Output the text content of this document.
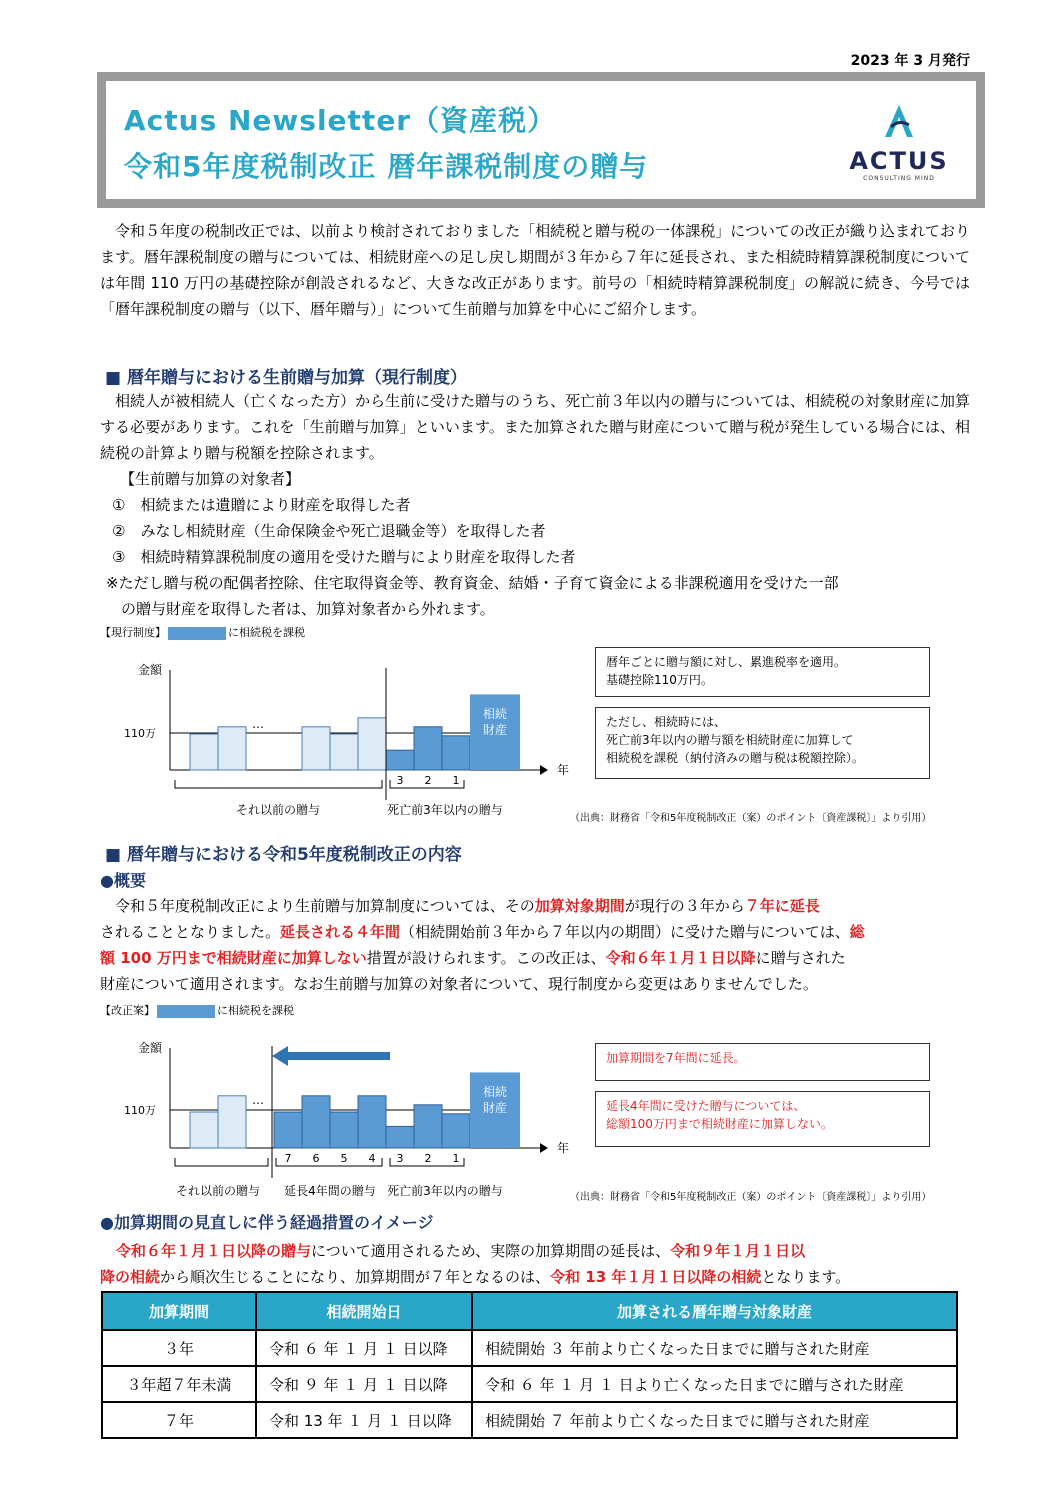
2023 年 3 月発行
Actus Newsletter（資産税）
令和5年度税制改正 暦年課税制度の贈与	ACTUS
CONSULTING MIND
　令和５年度の税制改正では、以前より検討されておりました「相続税と贈与税の一体課税」についての改正が織り込まれております。暦年課税制度の贈与については、相続財産への足し戻し期間が３年から７年に延長され、また相続時精算課税制度については年間 110 万円の基礎控除が創設されるなど、大きな改正があります。前号の「相続時精算課税制度」の解説に続き、今号では「暦年課税制度の贈与（以下、暦年贈与）」について生前贈与加算を中心にご紹介します。
■ 暦年贈与における生前贈与加算（現行制度）
　相続人が被相続人（亡くなった方）から生前に受けた贈与のうち、死亡前３年以内の贈与については、相続税の対象財産に加算する必要があります。これを「生前贈与加算」といいます。また加算された贈与財産について贈与税が発生している場合には、相続税の計算より贈与税額を控除されます。
【生前贈与加算の対象者】
①　相続または遺贈により財産を取得した者
②　みなし相続財産（生命保険金や死亡退職金等）を取得した者
③　相続時精算課税制度の適用を受けた贈与により財産を取得した者
※ただし贈与税の配偶者控除、住宅取得資金等、教育資金、結婚・子育て資金による非課税適用を受けた一部
　の贈与財産を取得した者は、加算対象者から外れます。
【現行制度】	に相続税を課税
金額
110万
年
…
相続
財産
3 2 1
それ以前の贈与	死亡前3年以内の贈与
暦年ごとに贈与額に対し、累進税率を適用。
基礎控除110万円。
ただし、相続時には、
死亡前3年以内の贈与額を相続財産に加算して
相続税を課税（納付済みの贈与税は税額控除）。
（出典：財務省「令和5年度税制改正（案）のポイント〔資産課税〕」より引用）
■ 暦年贈与における令和5年度税制改正の内容
●概要
　令和５年度税制改正により生前贈与加算制度については、その加算対象期間が現行の３年から７年に延長
されることとなりました。延長される４年間（相続開始前３年から７年以内の期間）に受けた贈与については、総
額 100 万円まで相続財産に加算しない措置が設けられます。この改正は、令和６年１月１日以降に贈与された
財産について適用されます。なお生前贈与加算の対象者について、現行制度から変更はありませんでした。
【改正案】	に相続税を課税
金額
110万
年
…
相続
財産
7 6 5 4 3 2 1
それ以前の贈与 延長4年間の贈与 死亡前3年以内の贈与
加算期間を7年間に延長。
延長4年間に受けた贈与については、
総額100万円まで相続財産に加算しない。
（出典：財務省「令和5年度税制改正（案）のポイント〔資産課税〕」より引用）
●加算期間の見直しに伴う経過措置のイメージ
令和６年１月１日以降の贈与について適用されるため、実際の加算期間の延長は、令和９年１月１日以
降の相続から順次生じることになり、加算期間が７年となるのは、令和 13 年１月１日以降の相続となります。
加算期間	相続開始日	加算される暦年贈与対象財産
３年	令和 ６ 年 １ 月 １ 日以降	相続開始 ３ 年前より亡くなった日までに贈与された財産
３年超７年未満	令和 ９ 年 １ 月 １ 日以降	令和 ６ 年 １ 月 １ 日より亡くなった日までに贈与された財産
７年	令和 13 年 １ 月 １ 日以降	相続開始 ７ 年前より亡くなった日までに贈与された財産
